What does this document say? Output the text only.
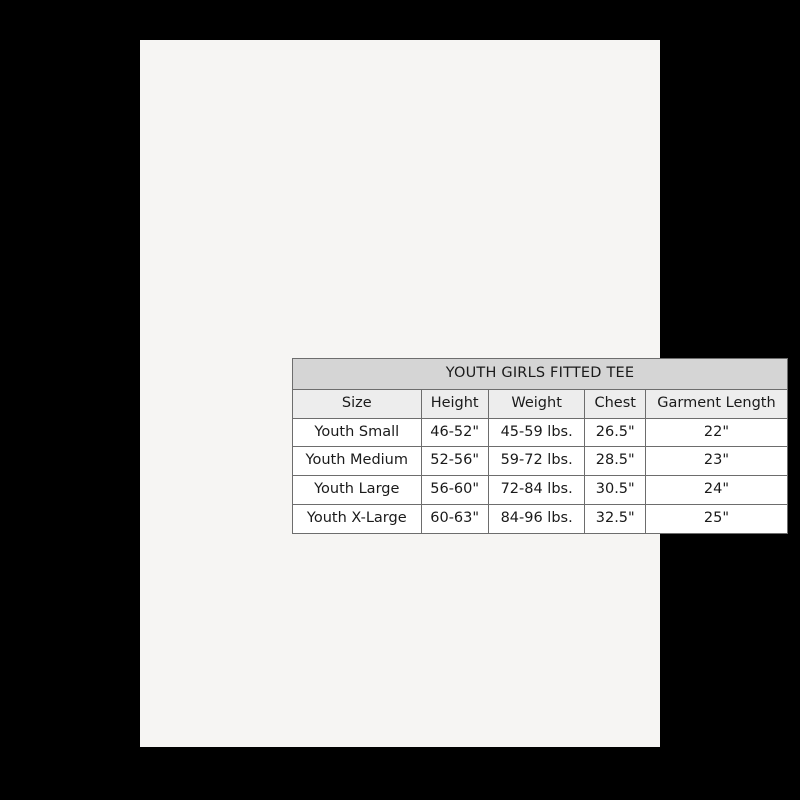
YOUTH GIRLS FITTED TEE				
Size	Height	Weight	Chest	Garment Length
Youth Small	46-52"	45-59 lbs.	26.5"	22"
Youth Medium	52-56"	59-72 lbs.	28.5"	23"
Youth Large	56-60"	72-84 lbs.	30.5"	24"
Youth X-Large	60-63"	84-96 lbs.	32.5"	25"
